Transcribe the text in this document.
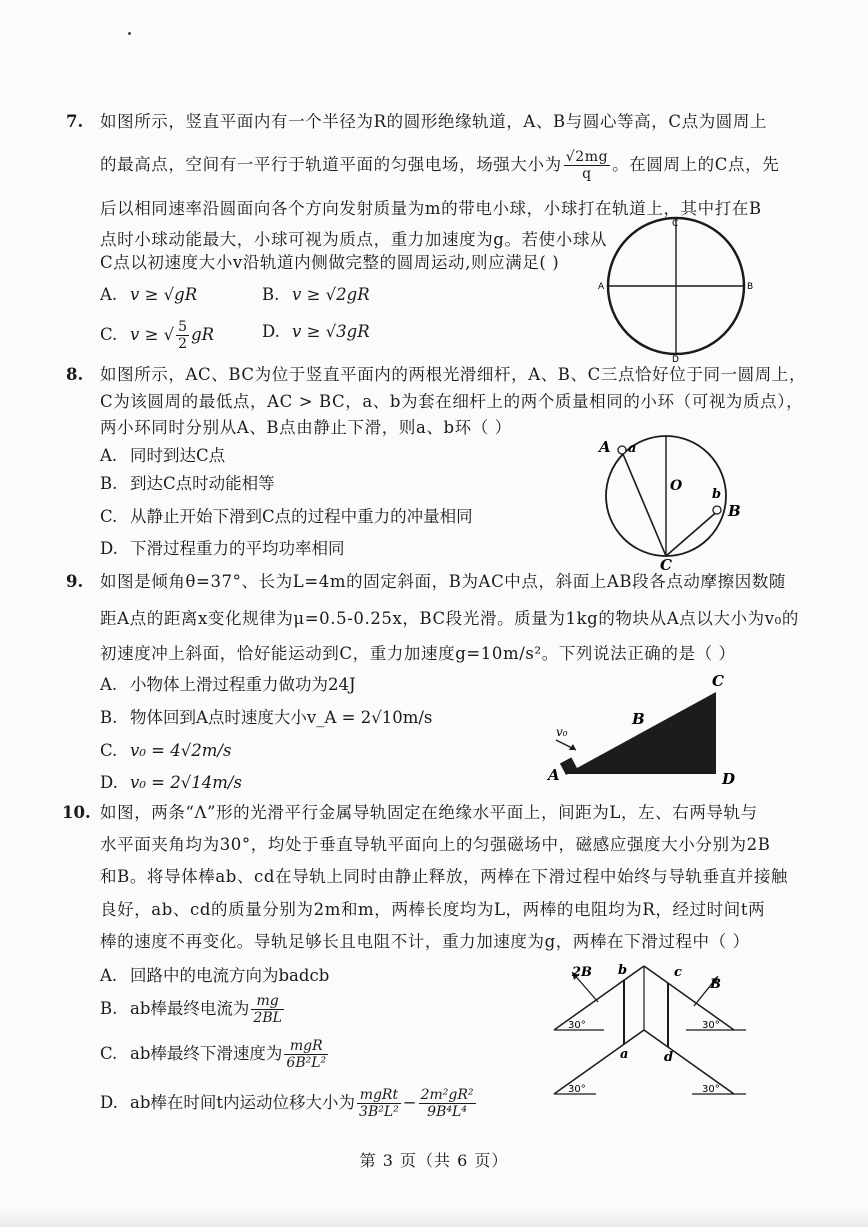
7. 如图所示，竖直平面内有一个半径为R的圆形绝缘轨道，A、B与圆心等高，C点为圆周上
的最高点，空间有一平行于轨道平面的匀强电场，场强大小为 $\frac{√2mg}{q}$ 。在圆周上的C点，先
后以相同速率沿圆面向各个方向发射质量为m的带电小球，小球打在轨道上，其中打在B
点时小球动能最大，小球可视为质点，重力加速度为g。若使小球从
C点以初速度大小v沿轨道内侧做完整的圆周运动,则应满足( )
A. v ≥ √gR	B. v ≥ √2gR
C. v ≥ √ $\frac{5}{2}$ gR	D. v ≥ √3gR
C
A	B
D
8. 如图所示，AC、BC为位于竖直平面内的两根光滑细杆，A、B、C三点恰好位于同一圆周上，
C为该圆周的最低点，AC > BC，a、b为套在细杆上的两个质量相同的小环（可视为质点），
两小环同时分别从A、B点由静止下滑，则a、b环（ ）
A. 同时到达C点
B. 到达C点时动能相等
C. 从静止开始下滑到C点的过程中重力的冲量相同
D. 下滑过程重力的平均功率相同
A a
O
b
B
C
9. 如图是倾角θ=37°、长为L=4m的固定斜面，B为AC中点，斜面上AB段各点动摩擦因数随
距A点的距离x变化规律为μ=0.5-0.25x，BC段光滑。质量为1kg的物块从A点以大小为v₀的
初速度冲上斜面，恰好能运动到C，重力加速度g=10m/s²。下列说法正确的是（ ）
A. 小物体上滑过程重力做功为24J
B. 物体回到A点时速度大小v_A = 2√10m/s
C. v₀ = 4√2m/s
D. v₀ = 2√14m/s
v₀
A
B
C
D
10. 如图，两条“Λ”形的光滑平行金属导轨固定在绝缘水平面上，间距为L，左、右两导轨与
水平面夹角均为30°，均处于垂直导轨平面向上的匀强磁场中，磁感应强度大小分别为2B
和B。将导体棒ab、cd在导轨上同时由静止释放，两棒在下滑过程中始终与导轨垂直并接触
良好，ab、cd的质量分别为2m和m，两棒长度均为L，两棒的电阻均为R，经过时间t两
棒的速度不再变化。导轨足够长且电阻不计，重力加速度为g，两棒在下滑过程中（ ）
A. 回路中的电流方向为badcb
B. ab棒最终电流为 $\frac{mg}{2BL}$
C. ab棒最终下滑速度为 $\frac{\text{mgR}}{\text{6B²L²}}$
D. ab棒在时间t内运动位移大小为 $\frac{\text{mgRt}}{\text{3B²L²}} - \frac{\text{2m²gR²}}{\text{9B⁴L⁴}}$
2B b	c
B
a	d
30°	30°
30°	30°
第 3 页（共 6 页）
